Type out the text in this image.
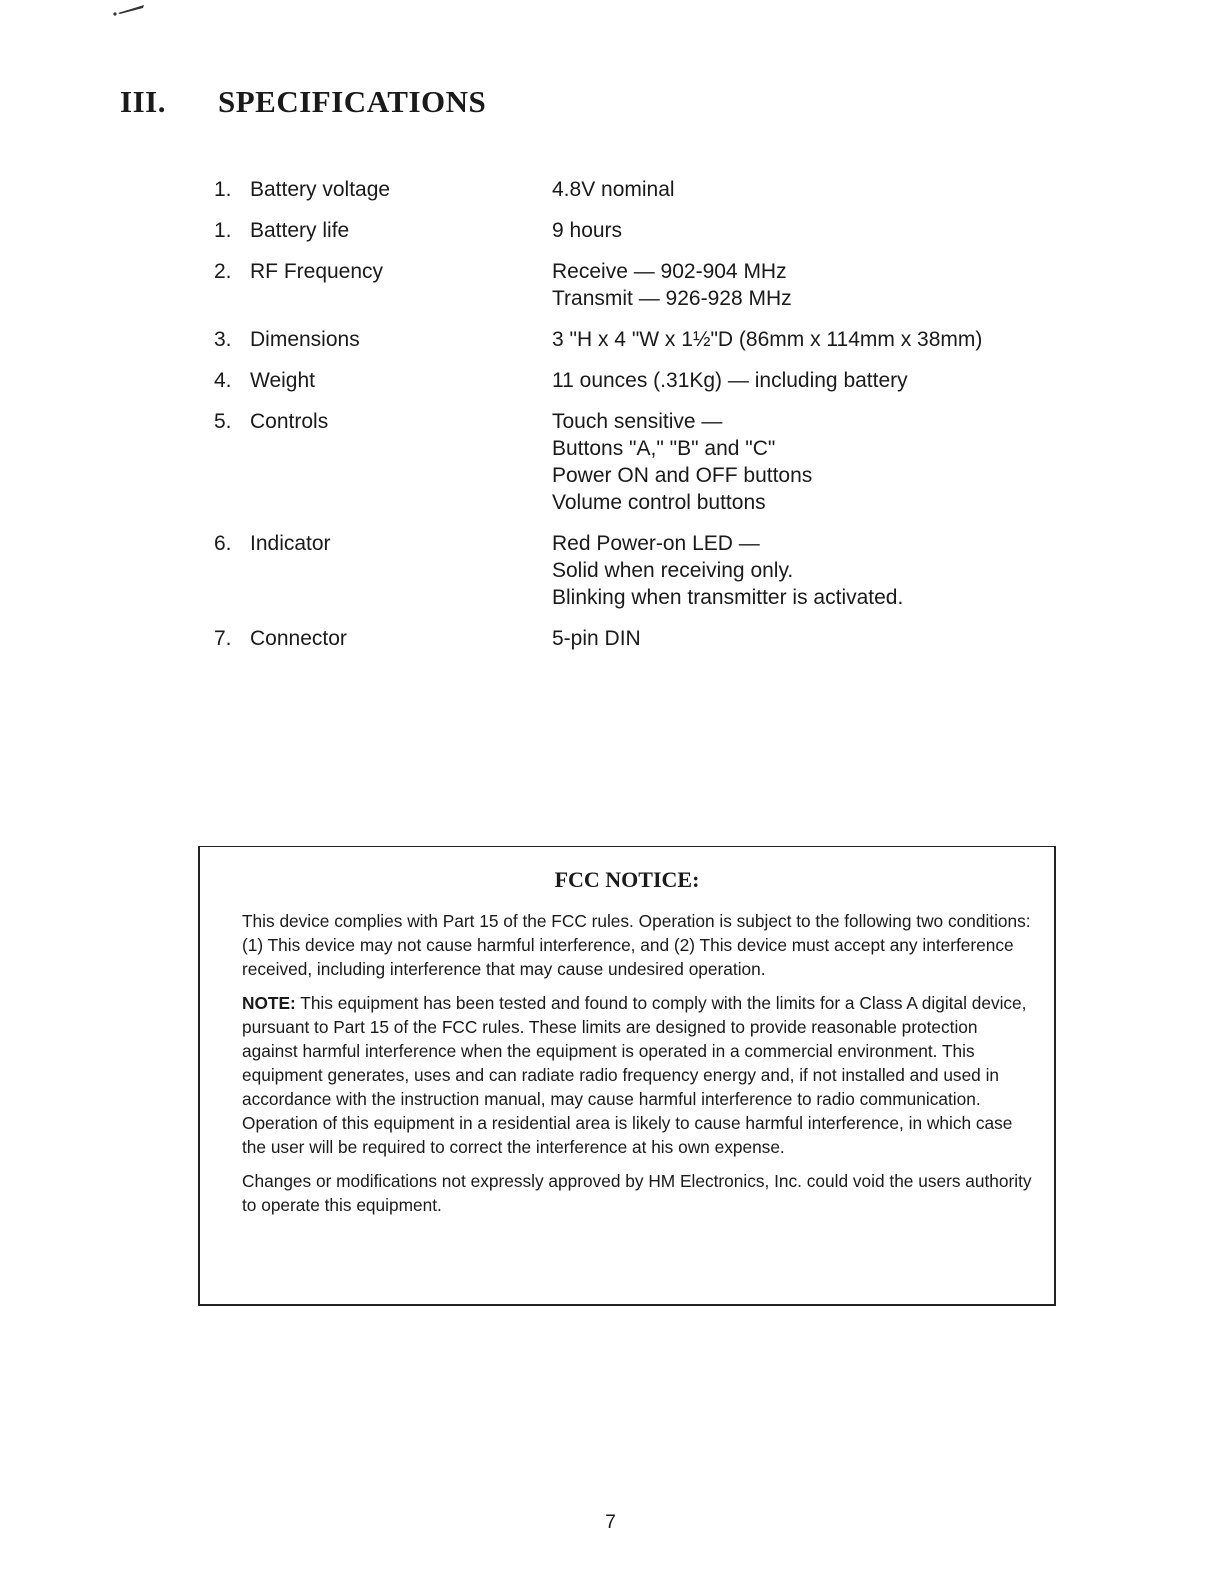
III. SPECIFICATIONS
1. Battery voltage	4.8V nominal
1. Battery life	9 hours
2. RF Frequency	Receive — 902-904 MHz
Transmit — 926-928 MHz
3. Dimensions	3 "H x 4 "W x 1½"D (86mm x 114mm x 38mm)
4. Weight	11 ounces (.31Kg) — including battery
5. Controls	Touch sensitive —
Buttons "A," "B" and "C"
Power ON and OFF buttons
Volume control buttons
6. Indicator	Red Power-on LED —
Solid when receiving only.
Blinking when transmitter is activated.
7. Connector	5-pin DIN
FCC NOTICE:

This device complies with Part 15 of the FCC rules. Operation is subject to the following two conditions: (1) This device may not cause harmful interference, and (2) This device must accept any interference received, including interference that may cause undesired operation.

NOTE: This equipment has been tested and found to comply with the limits for a Class A digital device, pursuant to Part 15 of the FCC rules. These limits are designed to provide reasonable protection against harmful interference when the equipment is operated in a commercial environment. This equipment generates, uses and can radiate radio frequency energy and, if not installed and used in accordance with the instruction manual, may cause harmful interference to radio communication. Operation of this equipment in a residential area is likely to cause harmful interference, in which case the user will be required to correct the interference at his own expense.

Changes or modifications not expressly approved by HM Electronics, Inc. could void the users authority to operate this equipment.

7
